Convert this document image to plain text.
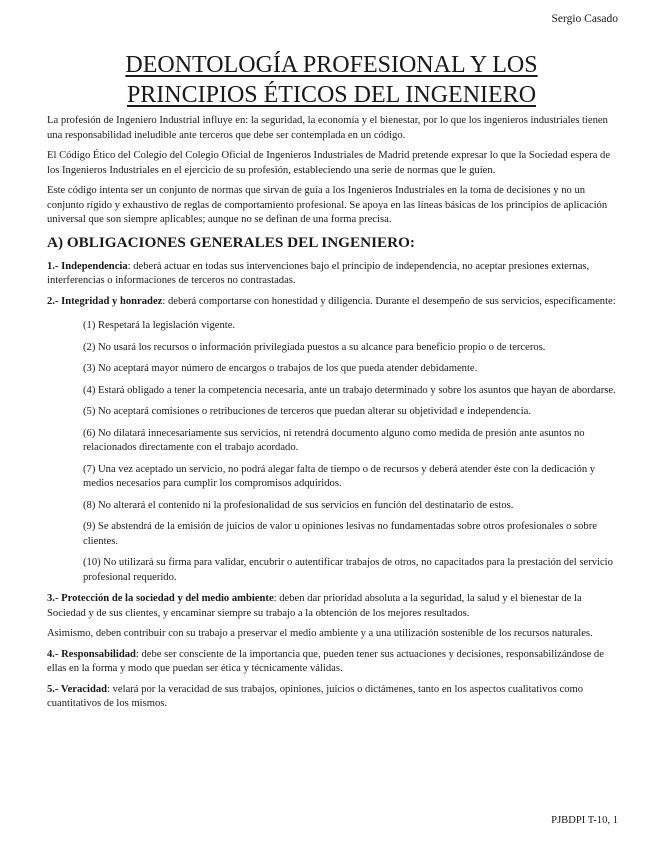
Sergio Casado
DEONTOLOGÍA PROFESIONAL Y LOS
PRINCIPIOS ÉTICOS DEL INGENIERO

La profesión de Ingeniero Industrial influye en: la seguridad, la economía y el bienestar, por lo que los ingenieros industriales tienen una responsabilidad ineludible ante terceros que debe ser contemplada en un código.

El Código Ético del Colegio del Colegio Oficial de Ingenieros Industriales de Madrid pretende expresar lo que la Sociedad espera de los Ingenieros Industriales en el ejercicio de su profesión, estableciendo una serie de normas que le guíen.

Este código intenta ser un conjunto de normas que sirvan de guía a los Ingenieros Industriales en la toma de decisiones y no un conjunto rígido y exhaustivo de reglas de comportamiento profesional. Se apoya en las líneas básicas de los principios de aplicación universal que son siempre aplicables; aunque no se definan de una forma precisa.

A) OBLIGACIONES GENERALES DEL INGENIERO:

1.- Independencia: deberá actuar en todas sus intervenciones bajo el principio de independencia, no aceptar presiones externas, interferencias o informaciones de terceros no contrastadas.

2.- Integridad y honradez: deberá comportarse con honestidad y diligencia. Durante el desempeño de sus servicios, específicamente:

(1) Respetará la legislación vigente.

(2) No usará los recursos o información privilegiada puestos a su alcance para beneficio propio o de terceros.

(3) No aceptará mayor número de encargos o trabajos de los que pueda atender debidamente.

(4) Estará obligado a tener la competencia necesaria, ante un trabajo determinado y sobre los asuntos que hayan de abordarse.

(5) No aceptará comisiones o retribuciones de terceros que puedan alterar su objetividad e independencia.

(6) No dilatará innecesariamente sus servicios, ni retendrá documento alguno como medida de presión ante asuntos no relacionados directamente con el trabajo acordado.

(7) Una vez aceptado un servicio, no podrá alegar falta de tiempo o de recursos y deberá atender éste con la dedicación y medios necesarios para cumplir los compromisos adquiridos.

(8) No alterará el contenido ni la profesionalidad de sus servicios en función del destinatario de estos.

(9) Se abstendrá de la emisión de juicios de valor u opiniones lesivas no fundamentadas sobre otros profesionales o sobre clientes.

(10) No utilizará su firma para validar, encubrir o autentificar trabajos de otros, no capacitados para la prestación del servicio profesional requerido.

3.- Protección de la sociedad y del medio ambiente: deben dar prioridad absoluta a la seguridad, la salud y el bienestar de la Sociedad y de sus clientes, y encaminar siempre su trabajo a la obtención de los mejores resultados.

Asimismo, deben contribuir con su trabajo a preservar el medio ambiente y a una utilización sostenible de los recursos naturales.

4.- Responsabilidad: debe ser consciente de la importancia que, pueden tener sus actuaciones y decisiones, responsabilizándose de ellas en la forma y modo que puedan ser ética y técnicamente válidas.

5.- Veracidad: velará por la veracidad de sus trabajos, opiniones, juicios o dictámenes, tanto en los aspectos cualitativos como cuantitativos de los mismos.

PJBDPI T-10, 1
